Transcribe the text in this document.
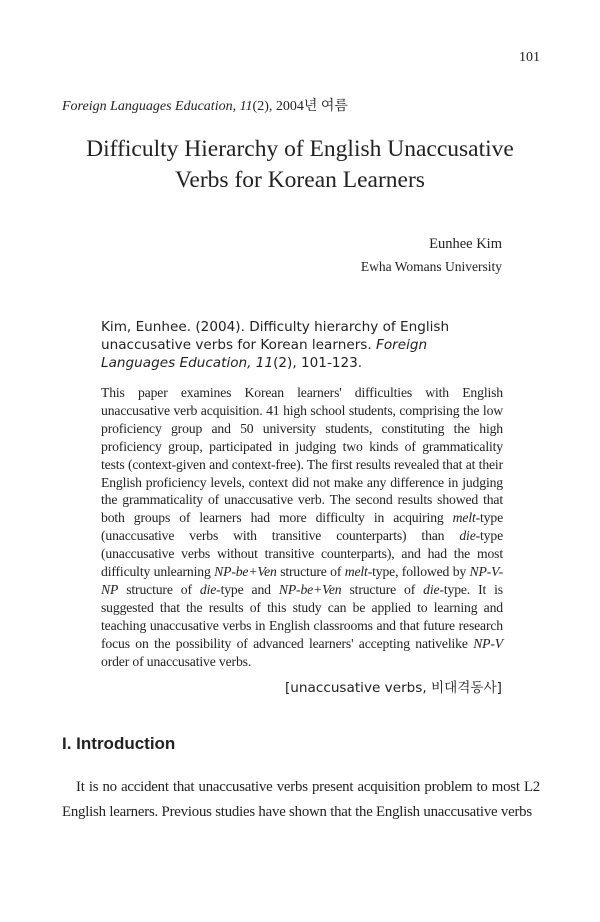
101
Foreign Languages Education, 11(2), 2004년 여름
Difficulty Hierarchy of English Unaccusative
Verbs for Korean Learners
Eunhee Kim
Ewha Womans University
Kim, Eunhee. (2004). Difficulty hierarchy of English unaccusative verbs for Korean learners. Foreign Languages Education, 11(2), 101-123.
This paper examines Korean learners' difficulties with English unaccusative verb acquisition. 41 high school students, comprising the low proficiency group and 50 university students, constituting the high proficiency group, participated in judging two kinds of grammaticality tests (context-given and context-free). The first results revealed that at their English proficiency levels, context did not make any difference in judging the grammaticality of unaccusative verb. The second results showed that both groups of learners had more difficulty in acquiring melt-type (unaccusative verbs with transitive counterparts) than die-type (unaccusative verbs without transitive counterparts), and had the most difficulty unlearning NP-be+Ven structure of melt-type, followed by NP-V-NP structure of die-type and NP-be+Ven structure of die-type. It is suggested that the results of this study can be applied to learning and teaching unaccusative verbs in English classrooms and that future research focus on the possibility of advanced learners' accepting nativelike NP-V order of unaccusative verbs.
[unaccusative verbs, 비대격동사]
I. Introduction
It is no accident that unaccusative verbs present acquisition problem to most L2 English learners. Previous studies have shown that the English unaccusative verbs
